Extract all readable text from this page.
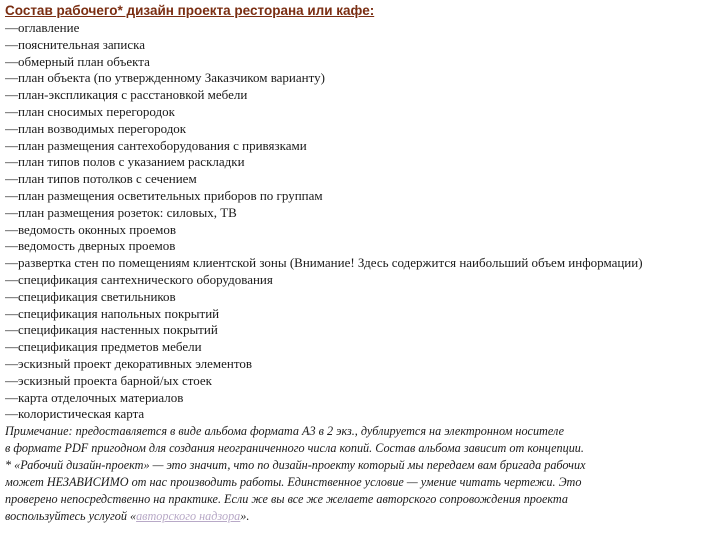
Состав рабочего* дизайн проекта ресторана или кафе:

—оглавление
—пояснительная записка
—обмерный план объекта
—план объекта (по утвержденному Заказчиком варианту)
—план-экспликация с расстановкой мебели
—план сносимых перегородок
—план возводимых перегородок
—план размещения сантехоборудования с привязками
—план типов полов с указанием раскладки
—план типов потолков с сечением
—план размещения осветительных приборов по группам
—план размещения розеток: силовых, ТВ
—ведомость оконных проемов
—ведомость дверных проемов
—развертка стен по помещениям клиентской зоны (Внимание! Здесь содержится наибольший объем информации)
—спецификация сантехнического оборудования
—спецификация светильников
—спецификация напольных покрытий
—спецификация настенных покрытий
—спецификация предметов мебели
—эскизный проект декоративных элементов
—эскизный проекта барной/ых стоек
—карта отделочных материалов
—колористическая карта

Примечание: предоставляется в виде альбома формата А3 в 2 экз., дублируется на электронном носителе
в формате PDF пригодном для создания неограниченного числа копий. Состав альбома зависит от концепции.
* «Рабочий дизайн-проект» — это значит, что по дизайн-проекту который мы передаем вам бригада рабочих
может НЕЗАВИСИМО от нас производить работы. Единственное условие — умение читать чертежи. Это
проверено непосредственно на практике. Если же вы все же желаете авторского сопровождения проекта
воспользуйтесь услугой «авторского надзора».
